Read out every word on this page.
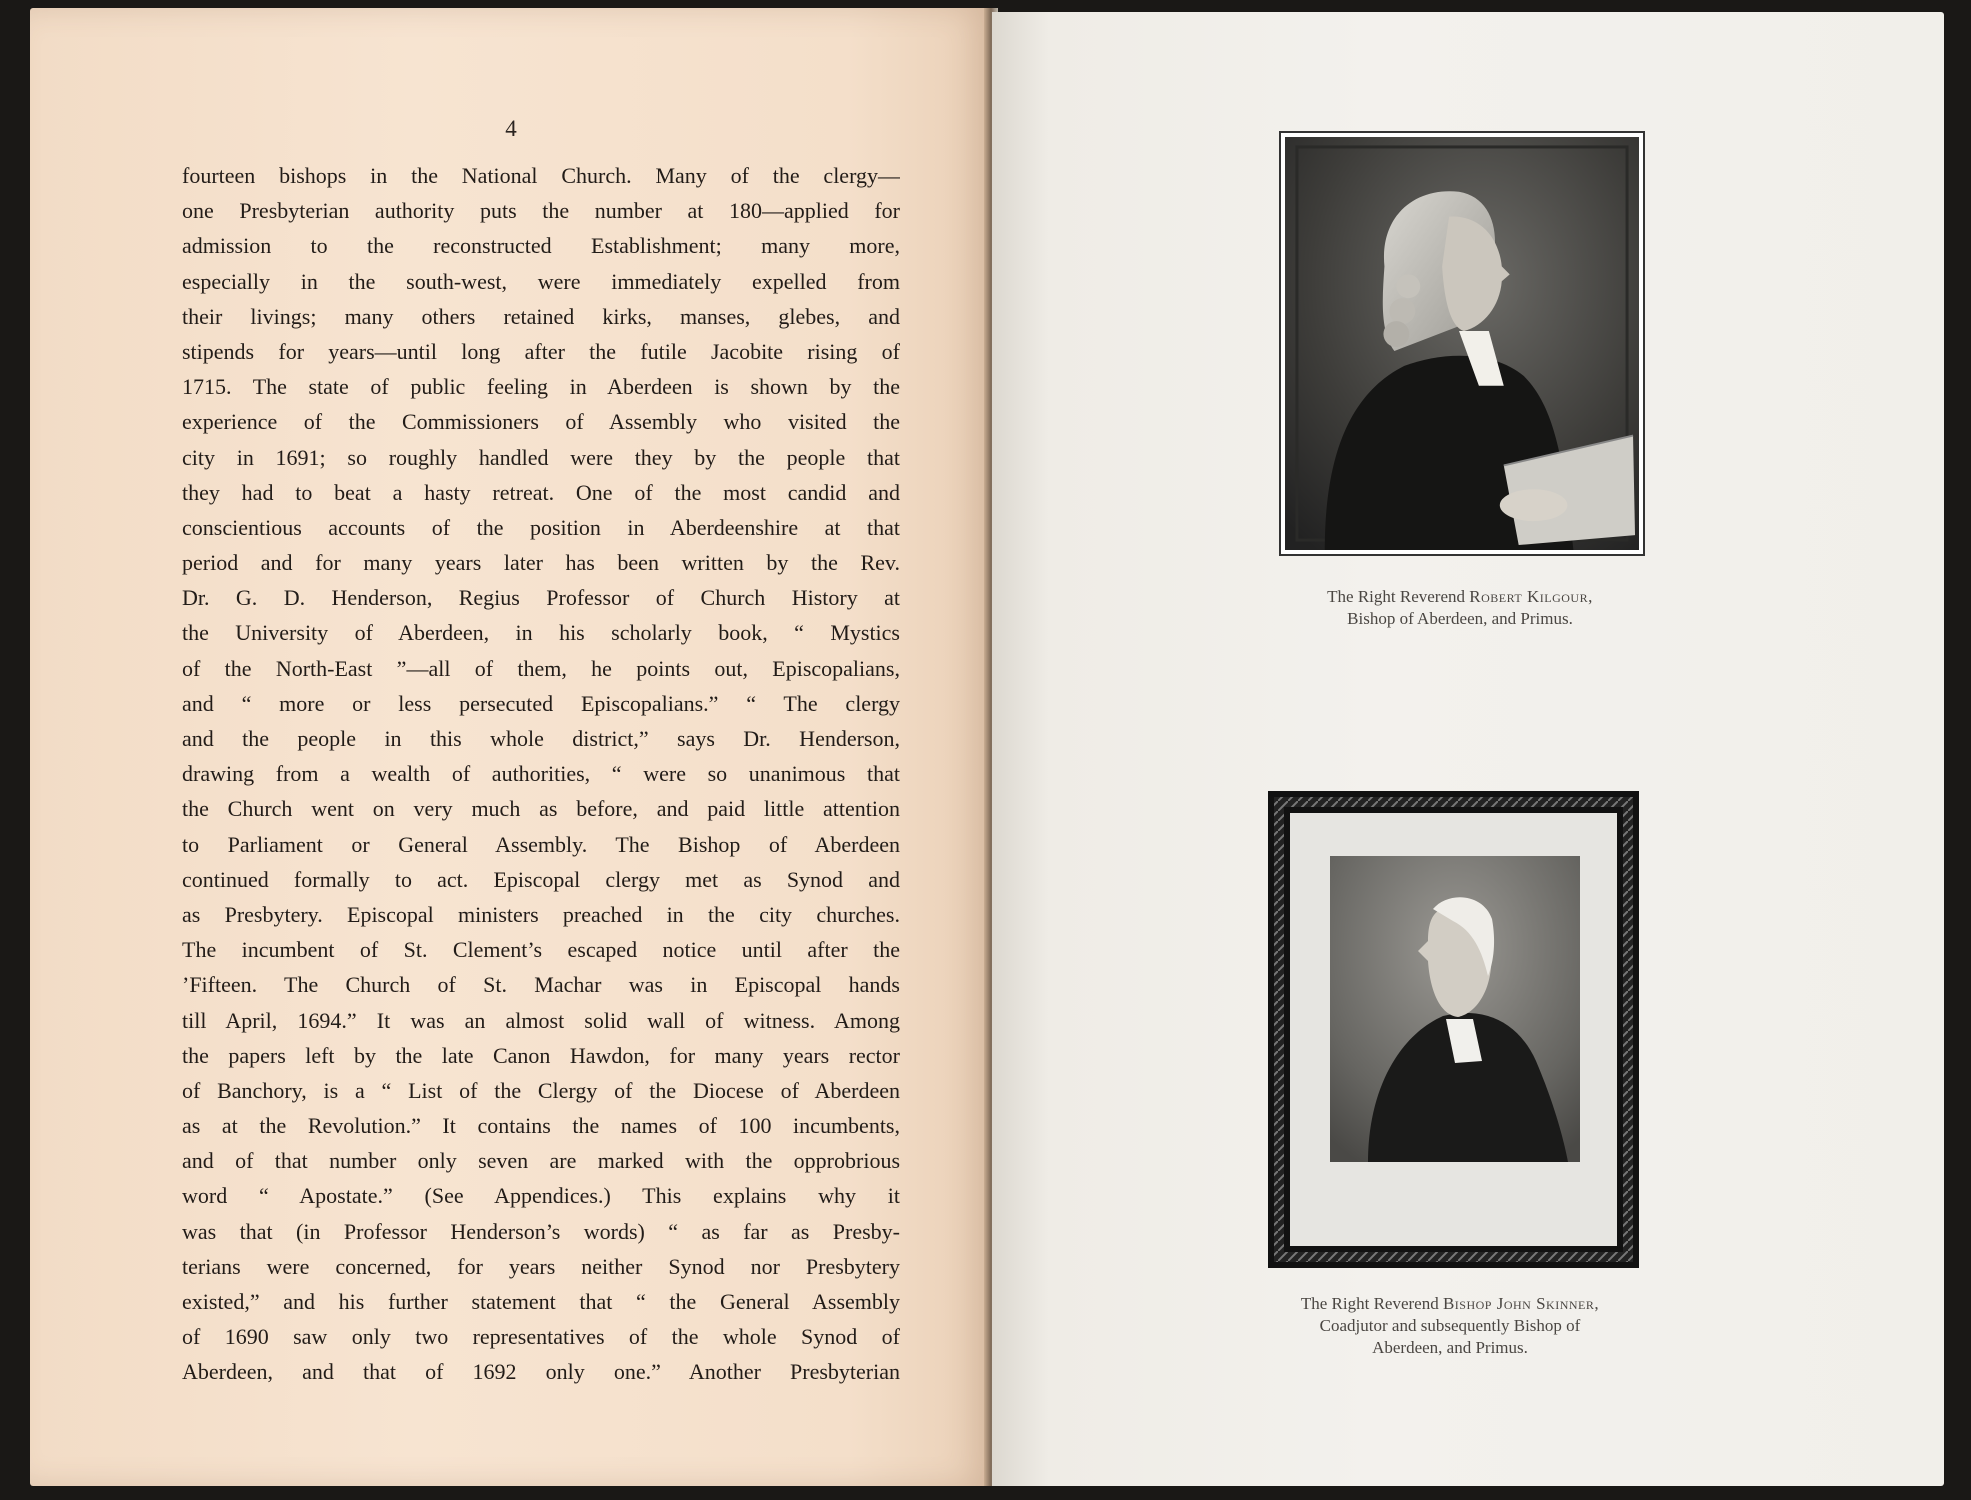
4
fourteen bishops in the National Church. Many of the clergy—
one Presbyterian authority puts the number at 180—applied for
admission to the reconstructed Establishment; many more,
especially in the south-west, were immediately expelled from
their livings; many others retained kirks, manses, glebes, and
stipends for years—until long after the futile Jacobite rising of
1715. The state of public feeling in Aberdeen is shown by the
experience of the Commissioners of Assembly who visited the
city in 1691; so roughly handled were they by the people that
they had to beat a hasty retreat. One of the most candid and
conscientious accounts of the position in Aberdeenshire at that
period and for many years later has been written by the Rev.
Dr. G. D. Henderson, Regius Professor of Church History at
the University of Aberdeen, in his scholarly book, “ Mystics
of the North-East ”—all of them, he points out, Episcopalians,
and “ more or less persecuted Episcopalians.” “ The clergy
and the people in this whole district,” says Dr. Henderson,
drawing from a wealth of authorities, “ were so unanimous that
the Church went on very much as before, and paid little attention
to Parliament or General Assembly. The Bishop of Aberdeen
continued formally to act. Episcopal clergy met as Synod and
as Presbytery. Episcopal ministers preached in the city churches.
The incumbent of St. Clement’s escaped notice until after the
’Fifteen. The Church of St. Machar was in Episcopal hands
till April, 1694.” It was an almost solid wall of witness. Among
the papers left by the late Canon Hawdon, for many years rector
of Banchory, is a “ List of the Clergy of the Diocese of Aberdeen
as at the Revolution.” It contains the names of 100 incumbents,
and of that number only seven are marked with the opprobrious
word “ Apostate.” (See Appendices.) This explains why it
was that (in Professor Henderson’s words) “ as far as Presby-
terians were concerned, for years neither Synod nor Presbytery
existed,” and his further statement that “ the General Assembly
of 1690 saw only two representatives of the whole Synod of
Aberdeen, and that of 1692 only one.” Another Presbyterian
The Right Reverend Robert Kilgour,
Bishop of Aberdeen, and Primus.
The Right Reverend Bishop John Skinner,
Coadjutor and subsequently Bishop of
Aberdeen, and Primus.
